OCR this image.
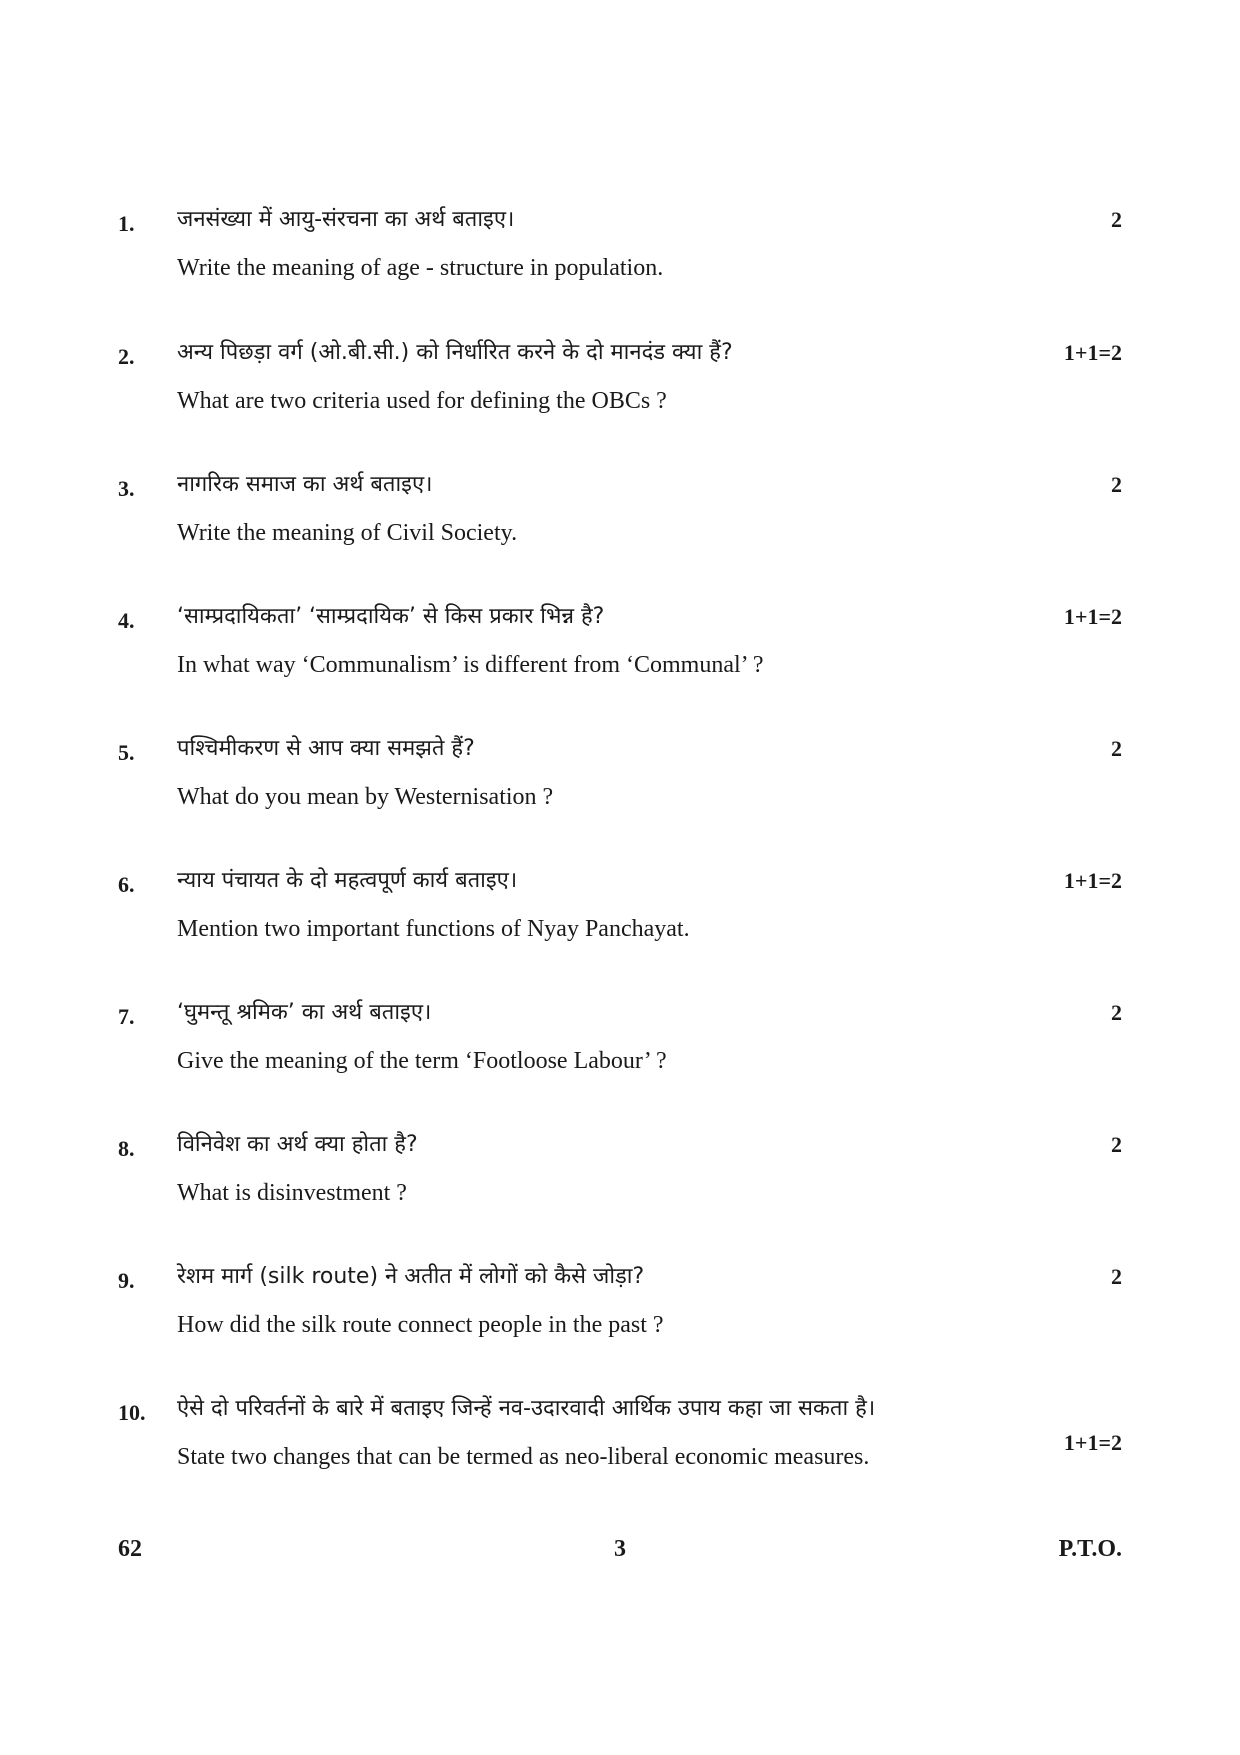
1. जनसंख्या में आयु-संरचना का अर्थ बताइए।
Write the meaning of age - structure in population.
2
2. अन्य पिछड़ा वर्ग (ओ.बी.सी.) को निर्धारित करने के दो मानदंड क्या हैं?
What are two criteria used for defining the OBCs ?
1+1=2
3. नागरिक समाज का अर्थ बताइए।
Write the meaning of Civil Society.
2
4. ‘साम्प्रदायिकता’ ‘साम्प्रदायिक’ से किस प्रकार भिन्न है?
In what way ‘Communalism’ is different from ‘Communal’ ?
1+1=2
5. पश्चिमीकरण से आप क्या समझते हैं?
What do you mean by Westernisation ?
2
6. न्याय पंचायत के दो महत्वपूर्ण कार्य बताइए।
Mention two important functions of Nyay Panchayat.
1+1=2
7. ‘घुमन्तू श्रमिक’ का अर्थ बताइए।
Give the meaning of the term ‘Footloose Labour’ ?
2
8. विनिवेश का अर्थ क्या होता है?
What is disinvestment ?
2
9. रेशम मार्ग (silk route) ने अतीत में लोगों को कैसे जोड़ा?
How did the silk route connect people in the past ?
2
10. ऐसे दो परिवर्तनों के बारे में बताइए जिन्हें नव-उदारवादी आर्थिक उपाय कहा जा सकता है।
State two changes that can be termed as neo-liberal economic measures.
1+1=2
62	3	P.T.O.
